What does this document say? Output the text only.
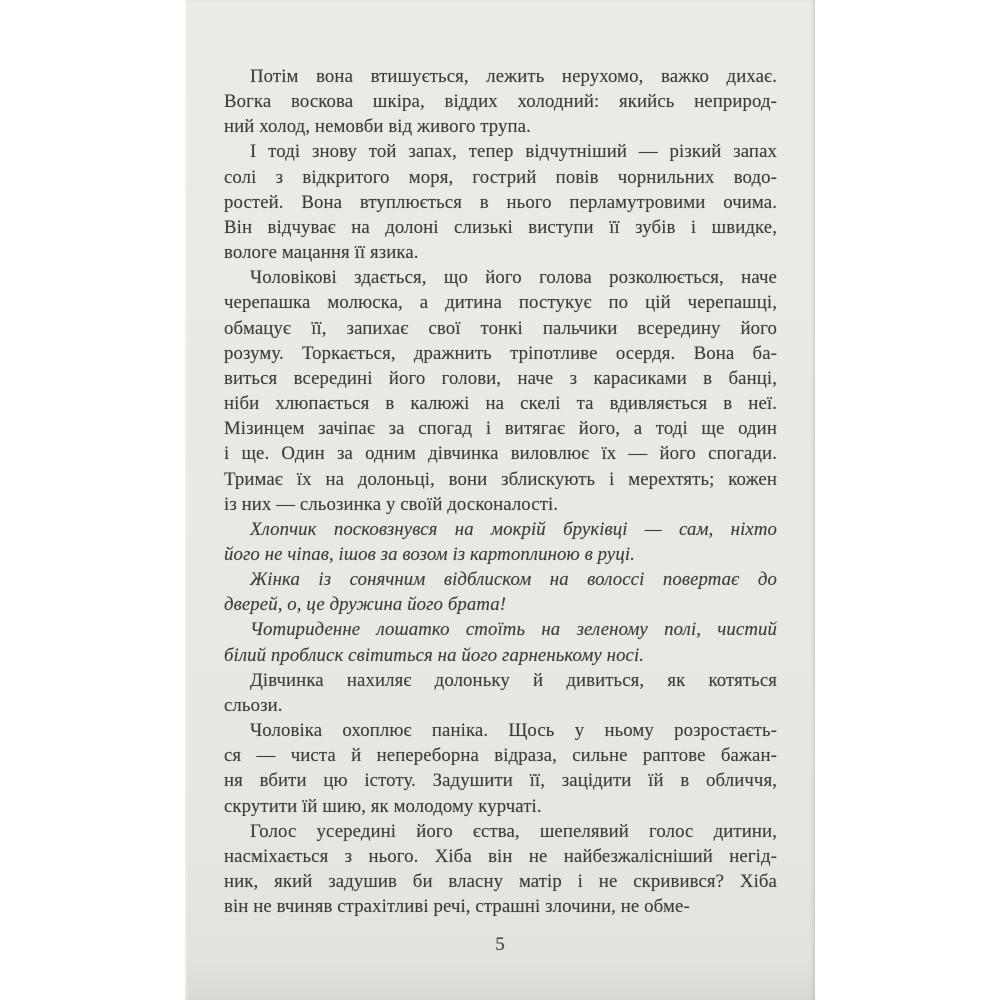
Потім вона втишується, лежить нерухомо, важко дихає.
Вогка воскова шкіра, віддих холодний: якийсь неприрод-
ний холод, немовби від живого трупа.
І тоді знову той запах, тепер відчутніший — різкий запах
солі з відкритого моря, гострий повів чорнильних водо-
ростей. Вона втуплюється в нього перламутровими очима.
Він відчуває на долоні слизькі виступи її зубів і швидке,
вологе мацання її язика.
Чоловікові здається, що його голова розколюється, наче
черепашка молюска, а дитина постукує по цій черепашці,
обмацує її, запихає свої тонкі пальчики всередину його
розуму. Торкається, дражнить тріпотливе осердя. Вона ба-
виться всередині його голови, наче з карасиками в банці,
ніби хлюпається в калюжі на скелі та вдивляється в неї.
Мізинцем зачіпає за спогад і витягає його, а тоді ще один
і ще. Один за одним дівчинка виловлює їх — його спогади.
Тримає їх на долоньці, вони зблискують і мерехтять; кожен
із них — сльозинка у своїй досконалості.
Хлопчик посковзнувся на мокрій бруківці — сам, ніхто
його не чіпав, ішов за возом із картоплиною в руці.
Жінка із сонячним відблиском на волоссі повертає до
дверей, о, це дружина його брата!
Чотириденне лошатко стоїть на зеленому полі, чистий
білий проблиск світиться на його гарненькому носі.
Дівчинка нахиляє долоньку й дивиться, як котяться
сльози.
Чоловіка охоплює паніка. Щось у ньому розростаєть-
ся — чиста й непереборна відраза, сильне раптове бажан-
ня вбити цю істоту. Задушити її, зацідити їй в обличчя,
скрутити їй шию, як молодому курчаті.
Голос усередині його єства, шепелявий голос дитини,
насміхається з нього. Хіба він не найбезжалісніший негід-
ник, який задушив би власну матір і не скривився? Хіба
він не вчиняв страхітливі речі, страшні злочини, не обме-
5
